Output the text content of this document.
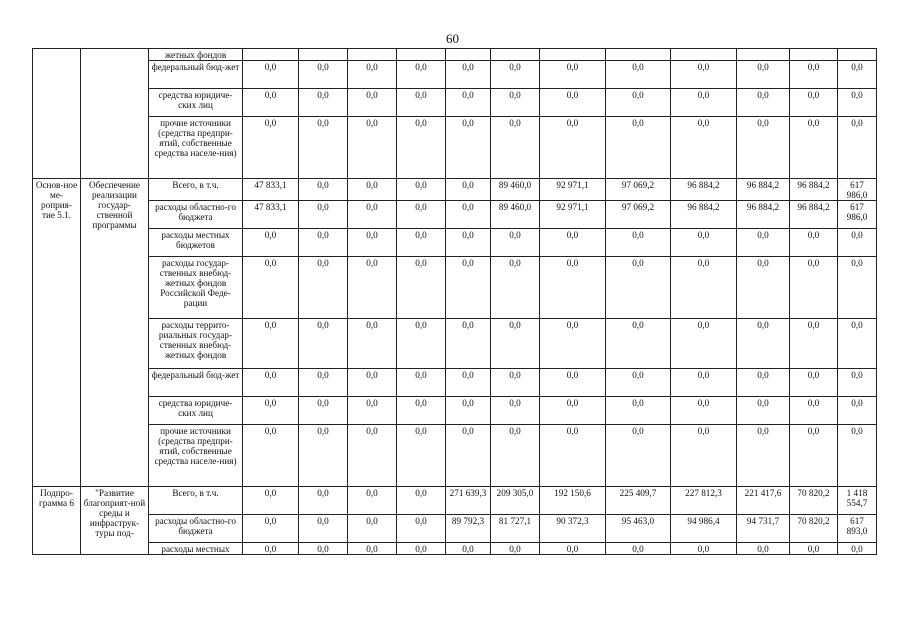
60
		жетных фондов												
		федеральный бюд-жет	0,0	0,0	0,0	0,0	0,0	0,0	0,0	0,0	0,0	0,0	0,0	0,0
		средства юридиче-ских лиц	0,0	0,0	0,0	0,0	0,0	0,0	0,0	0,0	0,0	0,0	0,0	0,0
		прочие источники (средства предпри-ятий, собственные средства населе-ния)	0,0	0,0	0,0	0,0	0,0	0,0	0,0	0,0	0,0	0,0	0,0	0,0
Основ-ное ме-роприя-тие 5.1.	Обеспечение реализации государ-ственной программы	Всего, в т.ч.	47 833,1	0,0	0,0	0,0	0,0	89 460,0	92 971,1	97 069,2	96 884,2	96 884,2	96 884,2	617 986,0
		расходы областно-го бюджета	47 833,1	0,0	0,0	0,0	0,0	89 460,0	92 971,1	97 069,2	96 884,2	96 884,2	96 884,2	617 986,0
		расходы местных бюджетов	0,0	0,0	0,0	0,0	0,0	0,0	0,0	0,0	0,0	0,0	0,0	0,0
		расходы государ-ственных внебюд-жетных фондов Российской Феде-рации	0,0	0,0	0,0	0,0	0,0	0,0	0,0	0,0	0,0	0,0	0,0	0,0
		расходы террито-риальных государ-ственных внебюд-жетных фондов	0,0	0,0	0,0	0,0	0,0	0,0	0,0	0,0	0,0	0,0	0,0	0,0
		федеральный бюд-жет	0,0	0,0	0,0	0,0	0,0	0,0	0,0	0,0	0,0	0,0	0,0	0,0
		средства юридиче-ских лиц	0,0	0,0	0,0	0,0	0,0	0,0	0,0	0,0	0,0	0,0	0,0	0,0
		прочие источники (средства предпри-ятий, собственные средства населе-ния)	0,0	0,0	0,0	0,0	0,0	0,0	0,0	0,0	0,0	0,0	0,0	0,0
Подпро-грамма 6	"Развитие благоприят-ной среды и инфраструк-туры под-	Всего, в т.ч.	0,0	0,0	0,0	0,0	271 639,3	209 305,0	192 150,6	225 409,7	227 812,3	221 417,6	70 820,2	1 418 554,7
		расходы областно-го бюджета	0,0	0,0	0,0	0,0	89 792,3	81 727,1	90 372,3	95 463,0	94 986,4	94 731,7	70 820,2	617 893,0
		расходы местных	0,0	0,0	0,0	0,0	0,0	0,0	0,0	0,0	0,0	0,0	0,0	0,0
